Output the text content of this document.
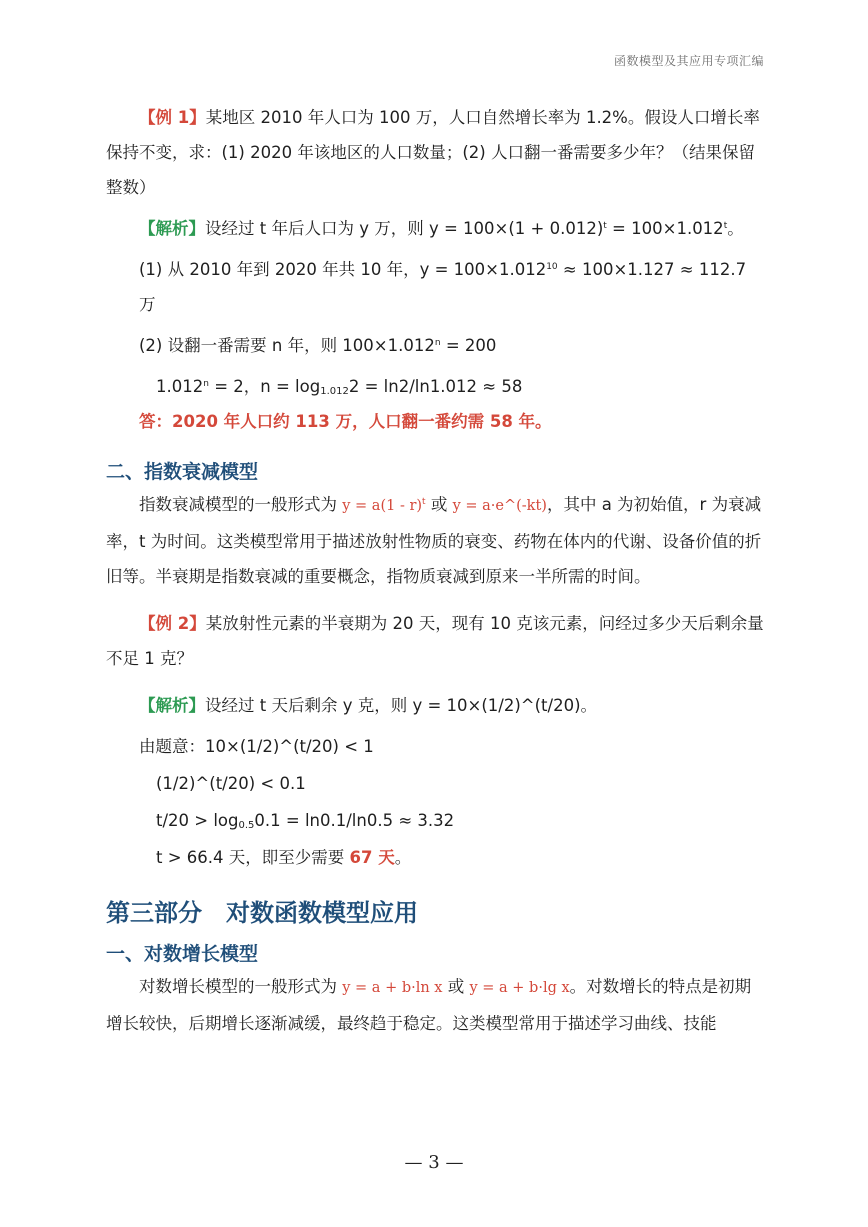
函数模型及其应用专项汇编

【例 1】某地区 2010 年人口为 100 万，人口自然增长率为 1.2%。假设人口增长率保持不变，求：(1) 2020 年该地区的人口数量；(2) 人口翻一番需要多少年？（结果保留整数）

【解析】设经过 t 年后人口为 y 万，则 $y = 100\times(1 + 0.012)^t = 100\times 1.012^t$。

(1) 从 2010 年到 2020 年共 10 年，$y = 100\times 1.012^{10} \approx 100\times 1.127 \approx 112.7$ 万

(2) 设翻一番需要 n 年，则 $100\times 1.012^n = 200$

$1.012^n = 2$，$n = \log_{1.012}2 = \ln 2/\ln 1.012 \approx 58$

答：2020 年人口约 113 万，人口翻一番约需 58 年。

二、指数衰减模型

指数衰减模型的一般形式为 y = a(1 - r)$^t$ 或 y = a·e^(-kt)，其中 a 为初始值，r 为衰减率，t 为时间。这类模型常用于描述放射性物质的衰变、药物在体内的代谢、设备价值的折旧等。半衰期是指数衰减的重要概念，指物质衰减到原来一半所需的时间。

【例 2】某放射性元素的半衰期为 20 天，现有 10 克该元素，问经过多少天后剩余量不足 1 克？

【解析】设经过 t 天后剩余 y 克，则 y = 10×(1/2)^(t/20)。

由题意：10×(1/2)^(t/20) < 1

(1/2)^(t/20) < 0.1

$t/20 > \log_{0.5}0.1 = \ln 0.1/\ln 0.5 \approx 3.32$

t > 66.4 天，即至少需要 67 天。

第三部分　对数函数模型应用

一、对数增长模型

对数增长模型的一般形式为 y = a + b·ln x 或 y = a + b·lg x。对数增长的特点是初期增长较快，后期增长逐渐减缓，最终趋于稳定。这类模型常用于描述学习曲线、技能

— 3 —
